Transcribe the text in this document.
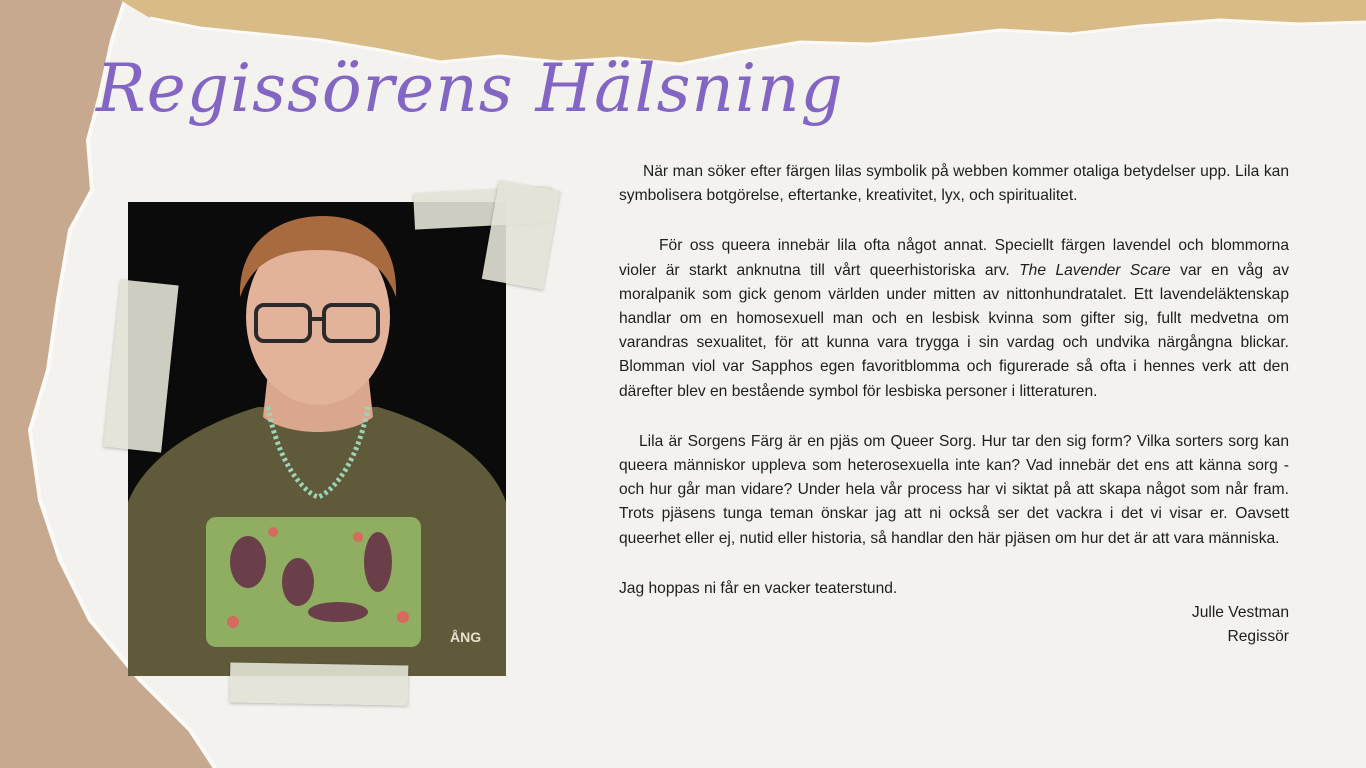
Regissörens Hälsning
ÅNG

När man söker efter färgen lilas symbolik på webben kommer otaliga betydelser upp. Lila kan symbolisera botgörelse, eftertanke, kreativitet, lyx, och spiritualitet.

För oss queera innebär lila ofta något annat. Speciellt färgen lavendel och blommorna violer är starkt anknutna till vårt queerhistoriska arv. The Lavender Scare var en våg av moralpanik som gick genom världen under mitten av nittonhundratalet. Ett lavendeläktenskap handlar om en homosexuell man och en lesbisk kvinna som gifter sig, fullt medvetna om varandras sexualitet, för att kunna vara trygga i sin vardag och undvika närgångna blickar. Blomman viol var Sapphos egen favoritblomma och figurerade så ofta i hennes verk att den därefter blev en bestående symbol för lesbiska personer i litteraturen.

Lila är Sorgens Färg är en pjäs om Queer Sorg. Hur tar den sig form? Vilka sorters sorg kan queera människor uppleva som heterosexuella inte kan? Vad innebär det ens att känna sorg - och hur går man vidare? Under hela vår process har vi siktat på att skapa något som når fram. Trots pjäsens tunga teman önskar jag att ni också ser det vackra i det vi visar er. Oavsett queerhet eller ej, nutid eller historia, så handlar den här pjäsen om hur det är att vara människa.

Jag hoppas ni får en vacker teaterstund.

Julle Vestman
Regissör
